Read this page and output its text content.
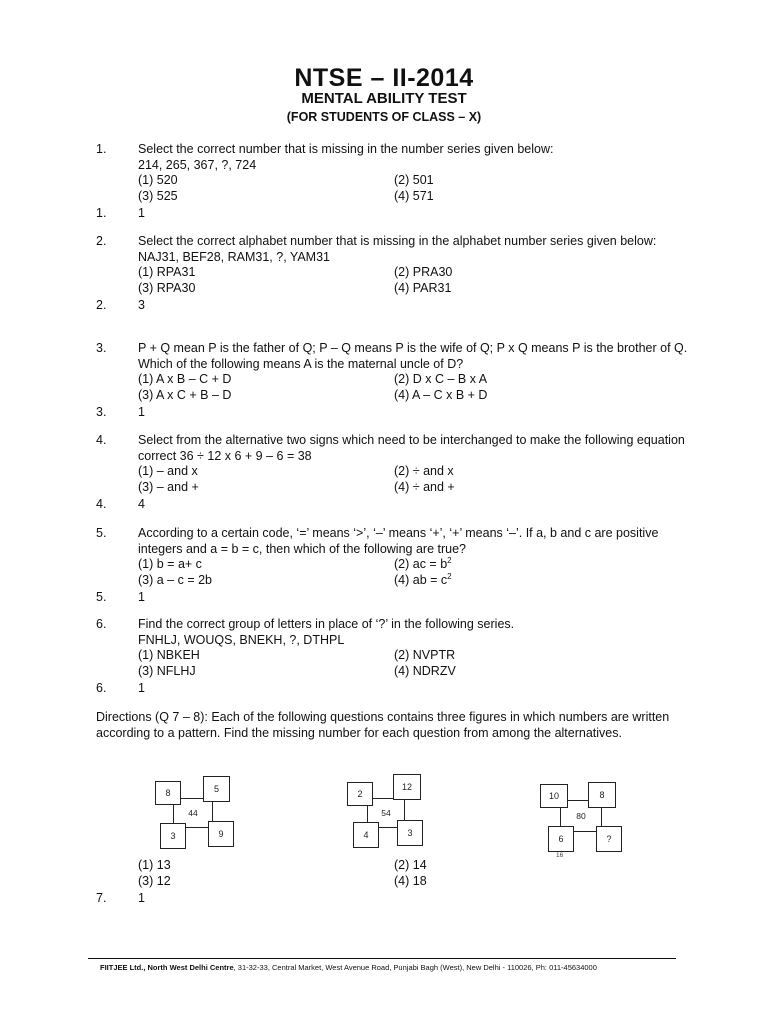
NTSE – II-2014
MENTAL ABILITY TEST
(FOR STUDENTS OF CLASS – X)
1.	Select the correct number that is missing in the number series given below:
214, 265, 367, ?, 724
(1) 520	(2) 501
(3) 525	(4) 571
1.	1
2.	Select the correct alphabet number that is missing in the alphabet number series given below:
NAJ31, BEF28, RAM31, ?, YAM31
(1) RPA31	(2) PRA30
(3) RPA30	(4) PAR31
2.	3
3.	P + Q mean P is the father of Q; P – Q means P is the wife of Q; P x Q means P is the brother of Q. Which of the following means A is the maternal uncle of D?
(1) A x B – C + D	(2) D x C – B x A
(3) A x C + B – D	(4) A – C x B + D
3.	1
4.	Select from the alternative two signs which need to be interchanged to make the following equation correct 36 ÷ 12 x 6 + 9 – 6 = 38
(1) – and x	(2) ÷ and x
(3) – and +	(4) ÷ and +
4.	4
5.	According to a certain code, ‘=’ means ‘>’, ‘–’ means ‘+’, ‘+’ means ‘–’. If a, b and c are positive integers and a = b = c, then which of the following are true?
(1) b = a+ c	(2) ac = $b^2$
(3) a – c = 2b	(4) ab = $c^2$
5.	1
6.	Find the correct group of letters in place of ‘?’ in the following series.
FNHLJ, WOUQS, BNEKH, ?, DTHPL
(1) NBKEH	(2) NVPTR
(3) NFLHJ	(4) NDRZV
6.	1
Directions (Q 7 – 8): Each of the following questions contains three figures in which numbers are written according to a pattern. Find the missing number for each question from among the alternatives.
44
8	5
3	9
54
2
12
4	3
80
10	8
6	?
16
(1) 13	(2) 14
(3) 12	(4) 18
7.	1
FIITJEE Ltd., North West Delhi Centre, 31-32-33, Central Market, West Avenue Road, Punjabi Bagh (West), New Delhi - 110026, Ph: 011-45634000
